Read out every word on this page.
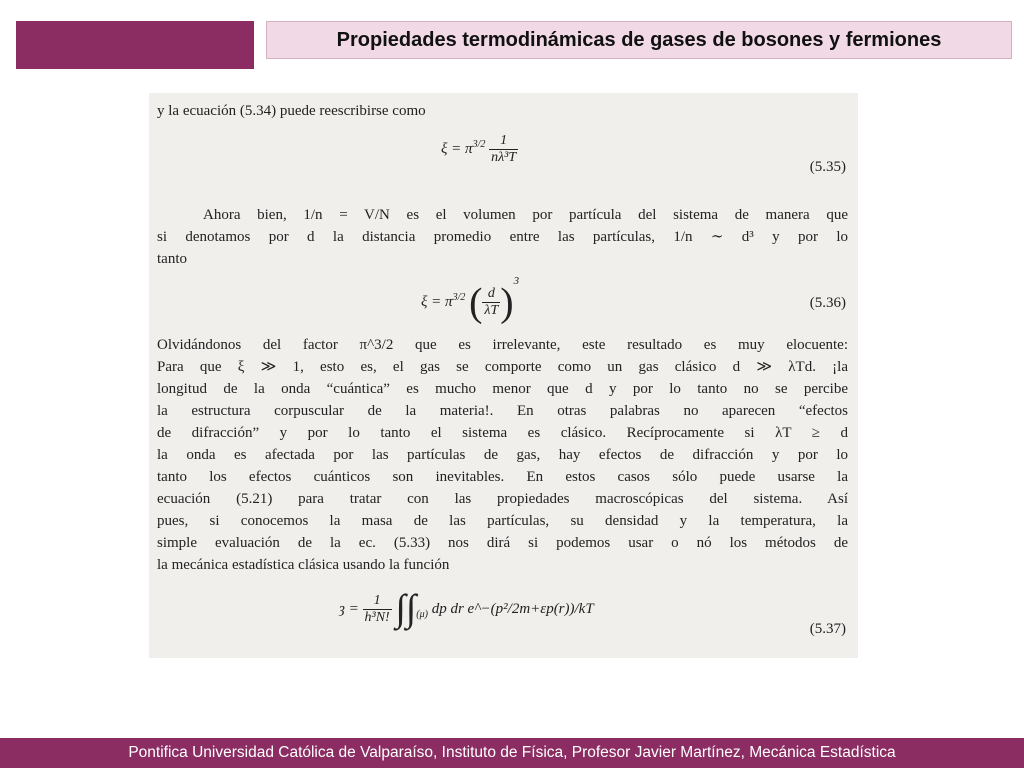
Propiedades termodinámicas de gases de bosones y fermiones
y la ecuación (5.34) puede reescribirse como
$\xi = \pi^{3/2} \frac{1}{\text{nλ³T}}$
(5.35)
Ahora bien, 1/n = V/N es el volumen por partícula del sistema de manera que
si denotamos por d la distancia promedio entre las partículas, 1/n ∼ d³ y por lo
tanto
$\xi = \pi^{3/2}$ ( $\frac{d}{\lambda T} )^3$
(5.36)
Olvidándonos del factor π^3/2 que es irrelevante, este resultado es muy elocuente:
Para que ξ ≫ 1, esto es, el gas se comporte como un gas clásico d ≫ λTd. ¡la
longitud de la onda “cuántica” es mucho menor que d y por lo tanto no se percibe
la estructura corpuscular de la materia!. En otras palabras no aparecen “efectos
de difracción” y por lo tanto el sistema es clásico. Recíprocamente si λT ≥ d
la onda es afectada por las partículas de gas, hay efectos de difracción y por lo
tanto los efectos cuánticos son inevitables. En estos casos sólo puede usarse la
ecuación (5.21) para tratar con las propiedades macroscópicas del sistema. Así
pues, si conocemos la masa de las partículas, su densidad y la temperatura, la
simple evaluación de la ec. (5.33) nos dirá si podemos usar o nó los métodos de
la mecánica estadística clásica usando la función
ȝ = $\frac{1}{\text{h³N!}} \int\int_{(\mu)}$ dp dr e^−(p²/2m+εp(r))/kT
(5.37)
Pontifica Universidad Católica de Valparaíso, Instituto de Física, Profesor Javier Martínez, Mecánica Estadística
